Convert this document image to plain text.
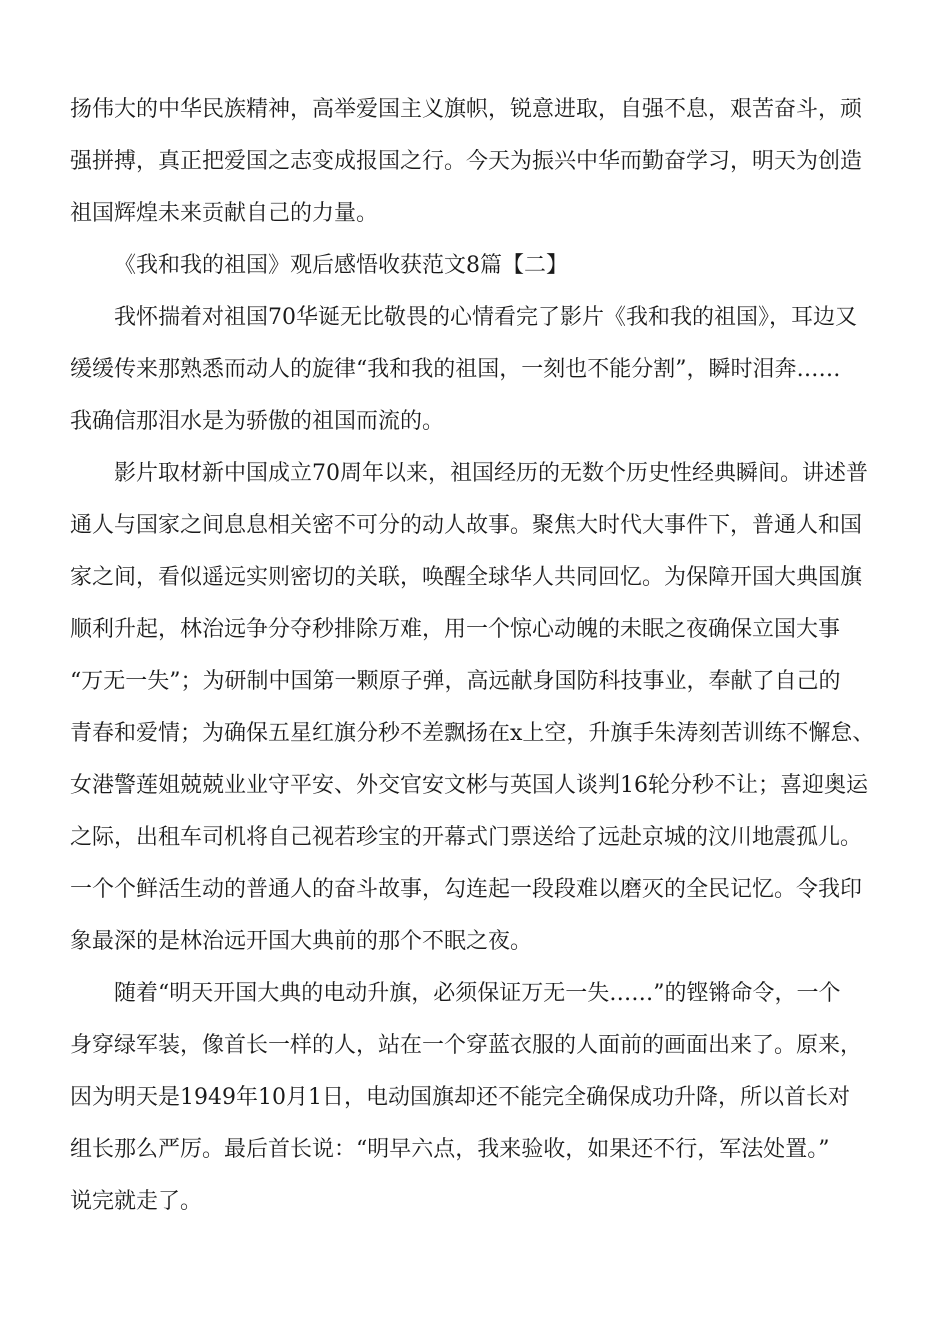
扬伟大的中华民族精神，高举爱国主义旗帜，锐意进取，自强不息，艰苦奋斗，顽
强拼搏，真正把爱国之志变成报国之行。今天为振兴中华而勤奋学习，明天为创造
祖国辉煌未来贡献自己的力量。
《我和我的祖国》观后感悟收获范文8篇【二】
我怀揣着对祖国70华诞无比敬畏的心情看完了影片《我和我的祖国》，耳边又
缓缓传来那熟悉而动人的旋律“我和我的祖国，一刻也不能分割”，瞬时泪奔……
我确信那泪水是为骄傲的祖国而流的。
影片取材新中国成立70周年以来，祖国经历的无数个历史性经典瞬间。讲述普
通人与国家之间息息相关密不可分的动人故事。聚焦大时代大事件下，普通人和国
家之间，看似遥远实则密切的关联，唤醒全球华人共同回忆。为保障开国大典国旗
顺利升起，林治远争分夺秒排除万难，用一个惊心动魄的未眠之夜确保立国大事
“万无一失”；为研制中国第一颗原子弹，高远献身国防科技事业，奉献了自己的
青春和爱情；为确保五星红旗分秒不差飘扬在x上空，升旗手朱涛刻苦训练不懈怠、
女港警莲姐兢兢业业守平安、外交官安文彬与英国人谈判16轮分秒不让；喜迎奥运
之际，出租车司机将自己视若珍宝的开幕式门票送给了远赴京城的汶川地震孤儿。
一个个鲜活生动的普通人的奋斗故事，勾连起一段段难以磨灭的全民记忆。令我印
象最深的是林治远开国大典前的那个不眠之夜。
随着“明天开国大典的电动升旗，必须保证万无一失……”的铿锵命令，一个
身穿绿军装，像首长一样的人，站在一个穿蓝衣服的人面前的画面出来了。原来，
因为明天是1949年10月1日，电动国旗却还不能完全确保成功升降，所以首长对
组长那么严厉。最后首长说：“明早六点，我来验收，如果还不行，军法处置。”
说完就走了。
